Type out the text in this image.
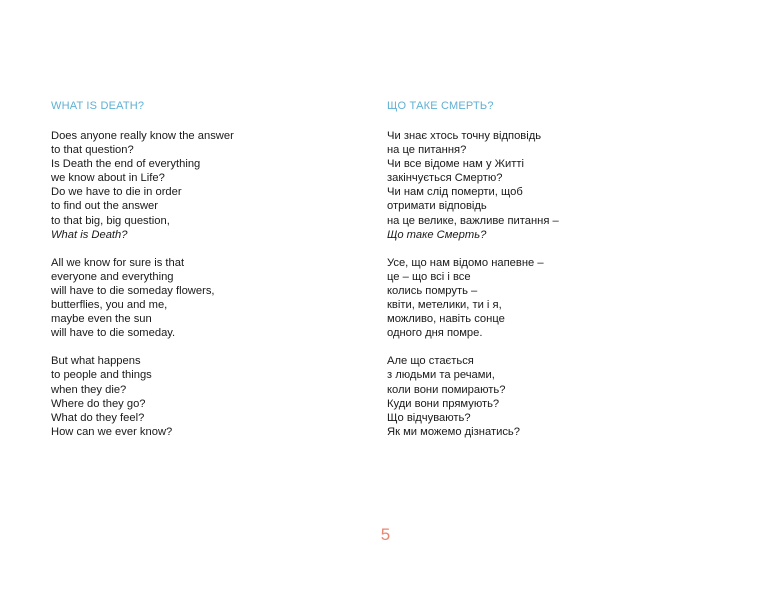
WHAT IS DEATH?
Does anyone really know the answer
to that question?
Is Death the end of everything
we know about in Life?
Do we have to die in order
to find out the answer
to that big, big question,
What is Death?
All we know for sure is that
everyone and everything
will have to die someday flowers,
butterflies, you and me,
maybe even the sun
will have to die someday.
But what happens
to people and things
when they die?
Where do they go?
What do they feel?
How can we ever know?
ЩО ТАКЕ СМЕРТЬ?
Чи знає хтось точну відповідь
на це питання?
Чи все відоме нам у Житті
закінчується Смертю?
Чи нам слід померти, щоб
отримати відповідь
на це велике, важливе питання –
Що таке Смерть?
Усе, що нам відомо напевне –
це – що всі і все
колись помруть –
квіти, метелики, ти і я,
можливо, навіть сонце
одного дня помре.
Але що стається
з людьми та речами,
коли вони помирають?
Куди вони прямують?
Що відчувають?
Як ми можемо дізнатись?
5
